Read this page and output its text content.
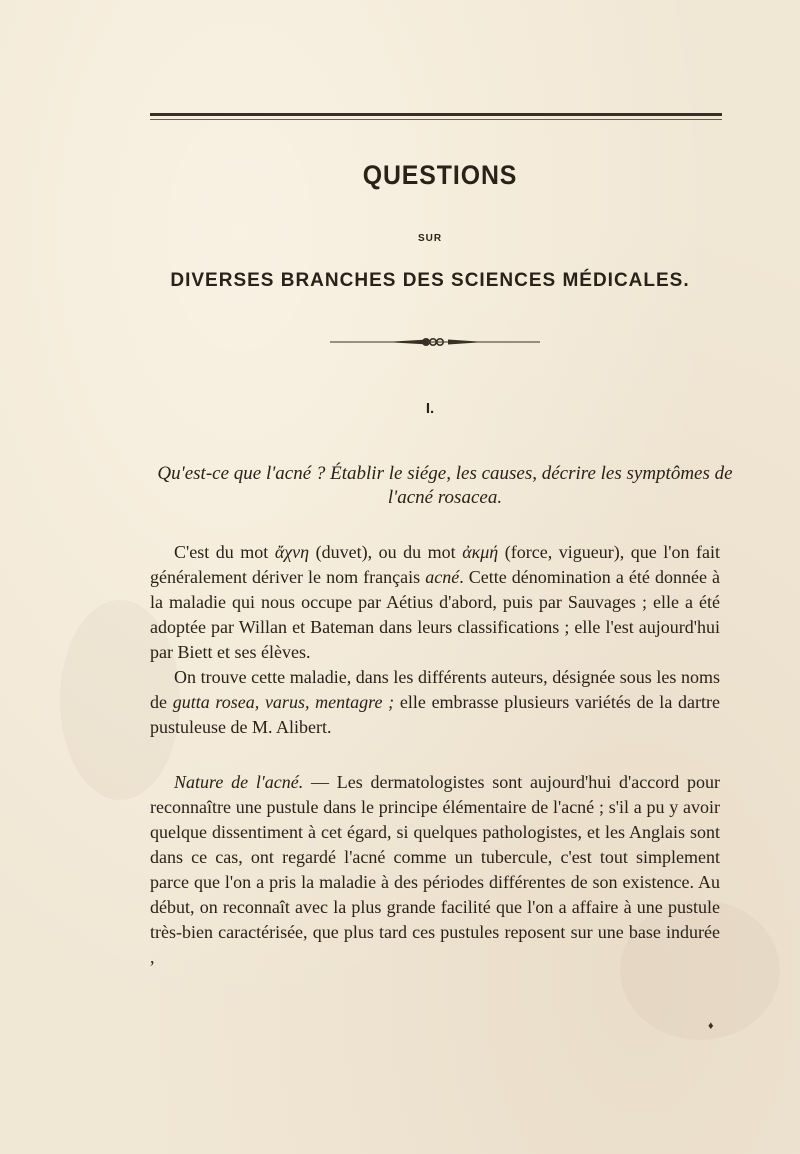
QUESTIONS
SUR
DIVERSES BRANCHES DES SCIENCES MÉDICALES.
I.
Qu'est-ce que l'acné ? Établir le siége, les causes, décrire les symptômes de l'acné rosacea.

C'est du mot ἄχνη (duvet), ou du mot ἀκμή (force, vigueur), que l'on fait généralement dériver le nom français acné. Cette dénomination a été donnée à la maladie qui nous occupe par Aétius d'abord, puis par Sauvages ; elle a été adoptée par Willan et Bateman dans leurs classifications ; elle l'est aujourd'hui par Biett et ses élèves.

On trouve cette maladie, dans les différents auteurs, désignée sous les noms de gutta rosea, varus, mentagre ; elle embrasse plusieurs variétés de la dartre pustuleuse de M. Alibert.

Nature de l'acné. — Les dermatologistes sont aujourd'hui d'accord pour reconnaître une pustule dans le principe élémentaire de l'acné ; s'il a pu y avoir quelque dissentiment à cet égard, si quelques pathologistes, et les Anglais sont dans ce cas, ont regardé l'acné comme un tubercule, c'est tout simplement parce que l'on a pris la maladie à des périodes différentes de son existence. Au début, on reconnaît avec la plus grande facilité que l'on a affaire à une pustule très-bien caractérisée, que plus tard ces pustules reposent sur une base indurée ,

♦
